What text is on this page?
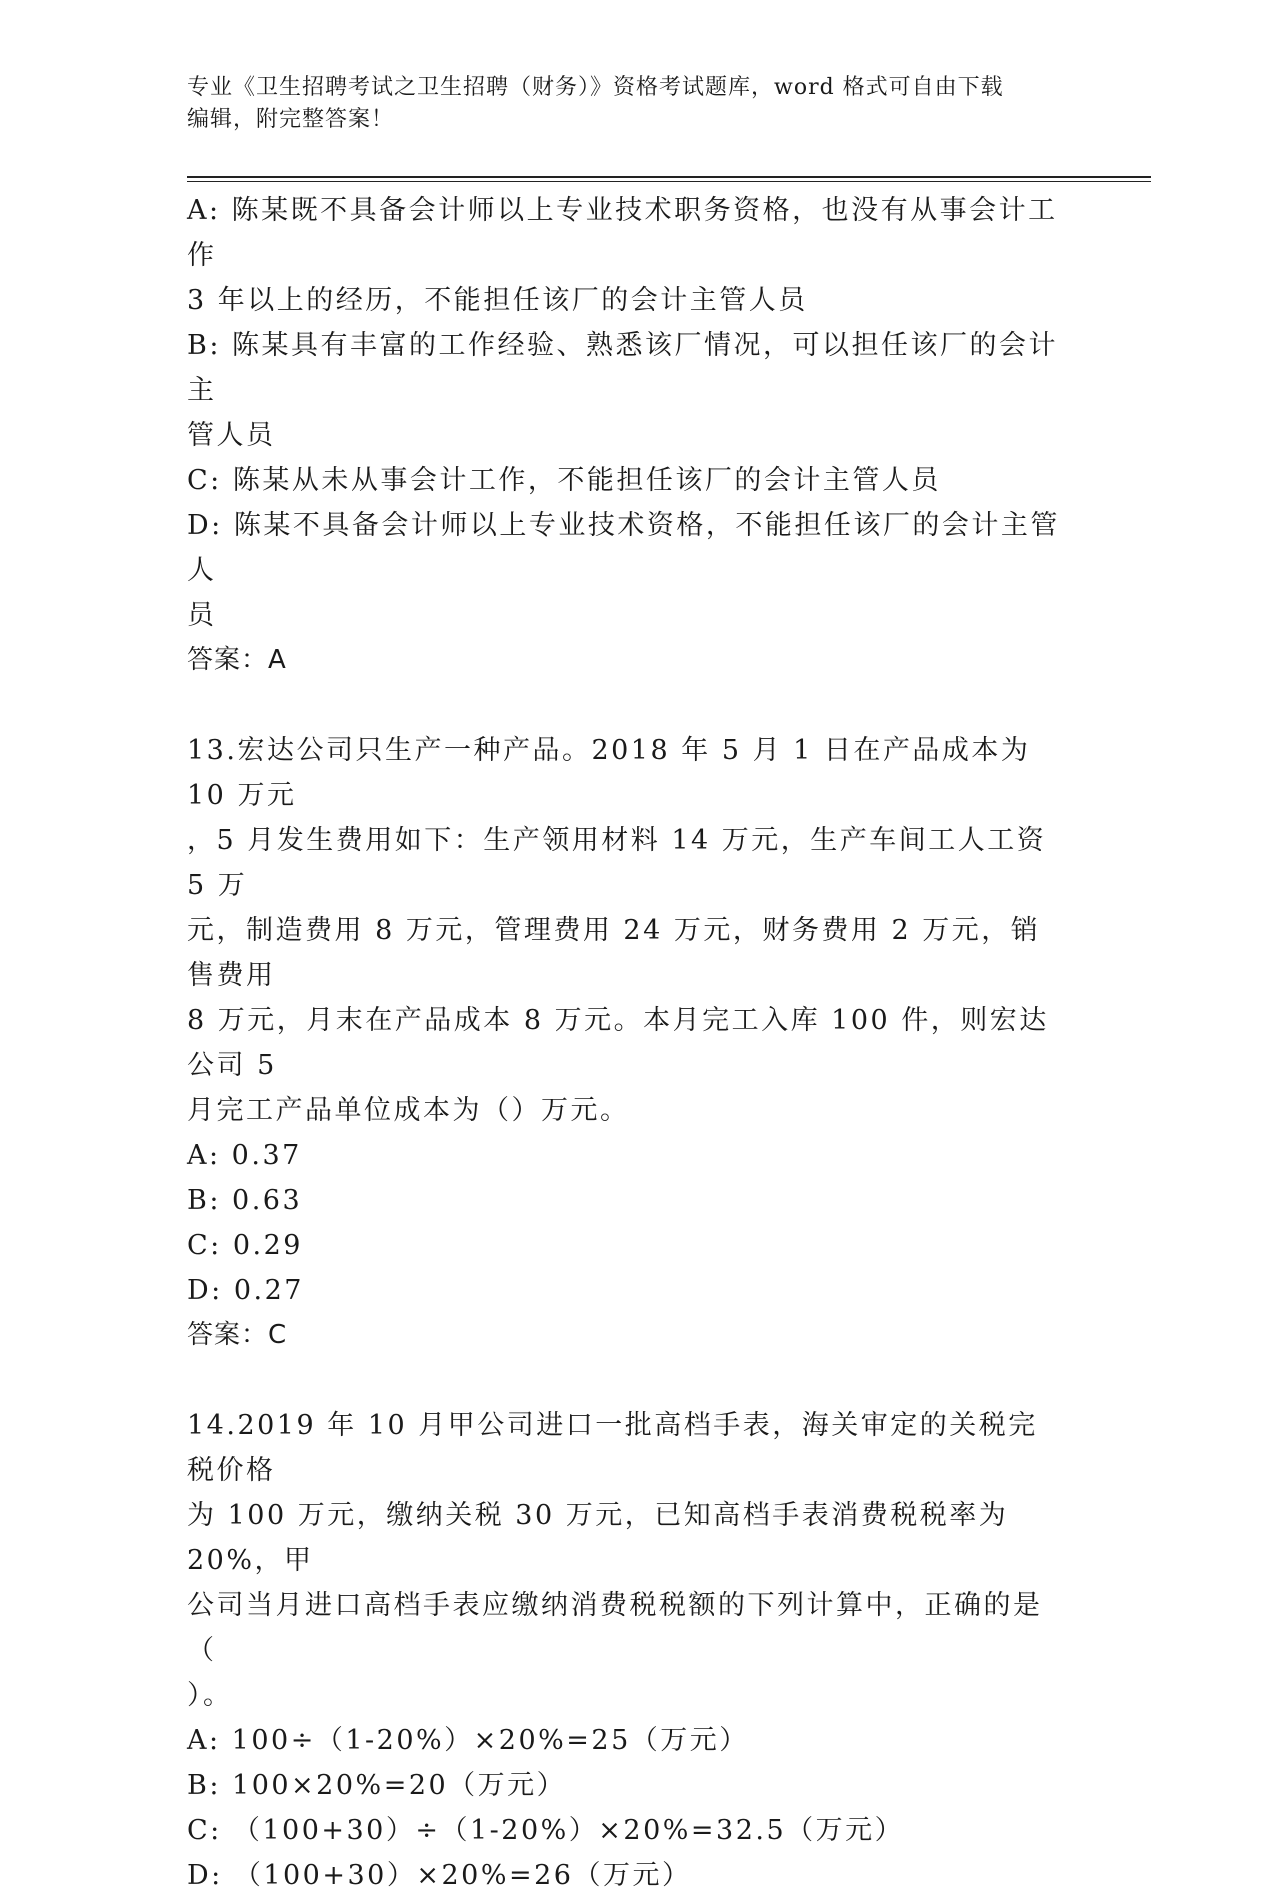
专业《卫生招聘考试之卫生招聘（财务）》资格考试题库，word 格式可自由下载
编辑，附完整答案！
A: 陈某既不具备会计师以上专业技术职务资格，也没有从事会计工作
3 年以上的经历，不能担任该厂的会计主管人员
B: 陈某具有丰富的工作经验、熟悉该厂情况，可以担任该厂的会计主
管人员
C: 陈某从未从事会计工作，不能担任该厂的会计主管人员
D: 陈某不具备会计师以上专业技术资格，不能担任该厂的会计主管人
员
答案：A
13.宏达公司只生产一种产品。2018 年 5 月 1 日在产品成本为 10 万元
，5 月发生费用如下：生产领用材料 14 万元，生产车间工人工资 5 万
元，制造费用 8 万元，管理费用 24 万元，财务费用 2 万元，销售费用
8 万元，月末在产品成本 8 万元。本月完工入库 100 件，则宏达公司 5
月完工产品单位成本为（）万元。
A: 0.37
B: 0.63
C: 0.29
D: 0.27
答案：C
14.2019 年 10 月甲公司进口一批高档手表，海关审定的关税完税价格
为 100 万元，缴纳关税 30 万元，已知高档手表消费税税率为 20%，甲
公司当月进口高档手表应缴纳消费税税额的下列计算中，正确的是（
）。
A: 100÷（1-20%）×20%=25（万元）
B: 100×20%=20（万元）
C: （100+30）÷（1-20%）×20%=32.5（万元）
D: （100+30）×20%=26（万元）
